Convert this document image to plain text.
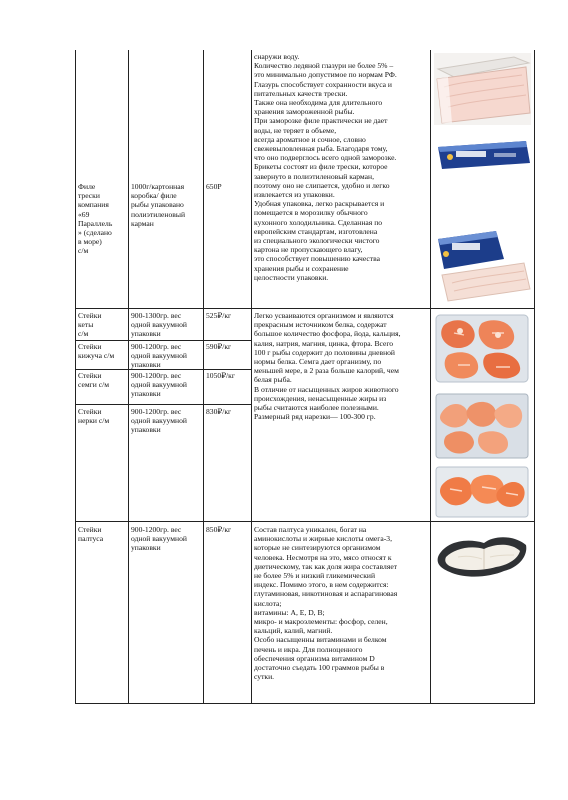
Филе
трески
компания
«69
Параллель
» (сделано
в море)
с/м
1000г/картонная
коробка/ филе
рыбы упаковано
полиэтиленовый
карман
650Р
снаружи воду.
Количество ледяной глазури не более 5% –
это минимально допустимое по нормам РФ.
Глазурь способствует сохранности вкуса и
питательных качеств трески.
Также она необходима для длительного
хранения замороженной рыбы.
При заморозке филе практически не дает
воды, не теряет в объеме,
всегда ароматное и сочное, словно
свежевыловленная рыба. Благодаря тому,
что оно подверглось всего одной заморозке.
Брикеты состоят из филе трески, которое
завернуто в полиэтиленовый карман,
поэтому оно не слипается, удобно и легко
извлекается из упаковки.
Удобная упаковка, легко раскрывается и
помещается в морозилку обычного
кухонного холодильника. Сделанная по
европейским стандартам, изготовлена
из специального экологически чистого
картона не пропускающего влагу,
это способствует повышению качества
хранения рыбы и сохранение
целостности упаковки.
Стейки
кеты
с/м
900-1300гр. вес
одной вакуумной
упаковки
525₽/кг
Стейки
кижуча с/м
900-1200гр. вес
одной вакуумной
упаковки
590₽/кг
Стейки
семги с/м
900-1200гр. вес
одной вакуумной
упаковки
1050₽/кг
Стейки
нерки с/м
900-1200гр. вес
одной вакуумной
упаковки
830₽/кг
Легко усваиваются организмом и являются
прекрасным источником белка, содержат
большое количество фосфора, йода, кальция,
калия, натрия, магния, цинка, фтора. Всего
100 г рыбы содержит до половины дневной
нормы белка. Семга дает организму, по
меньшей мере, в 2 раза больше калорий, чем
белая рыба.
В отличие от насыщенных жиров животного
происхождения, ненасыщенные жиры из
рыбы считаются наиболее полезными.
Размерный ряд нарезки— 100-300 гр.
Стейки
палтуса
900-1200гр. вес
одной вакуумной
упаковки
850₽/кг	Состав палтуса уникален, богат на
аминокислоты и жирные кислоты омега-3,
которые не синтезируются организмом
человека. Несмотря на это, мясо относят к
диетическому, так как доля жира составляет
не более 5% и низкий гликемический
индекс. Помимо этого, в нем содержится:
глутаминовая, никотиновая и аспарагиновая
кислота;
витамины: А, Е, D, В;
микро- и макроэлементы: фосфор, селен,
кальций, калий, магний.
Особо насыщенны витаминами и белком
печень и икра. Для полноценного
обеспечения организма витамином D
достаточно съедать 100 граммов рыбы в
сутки.
